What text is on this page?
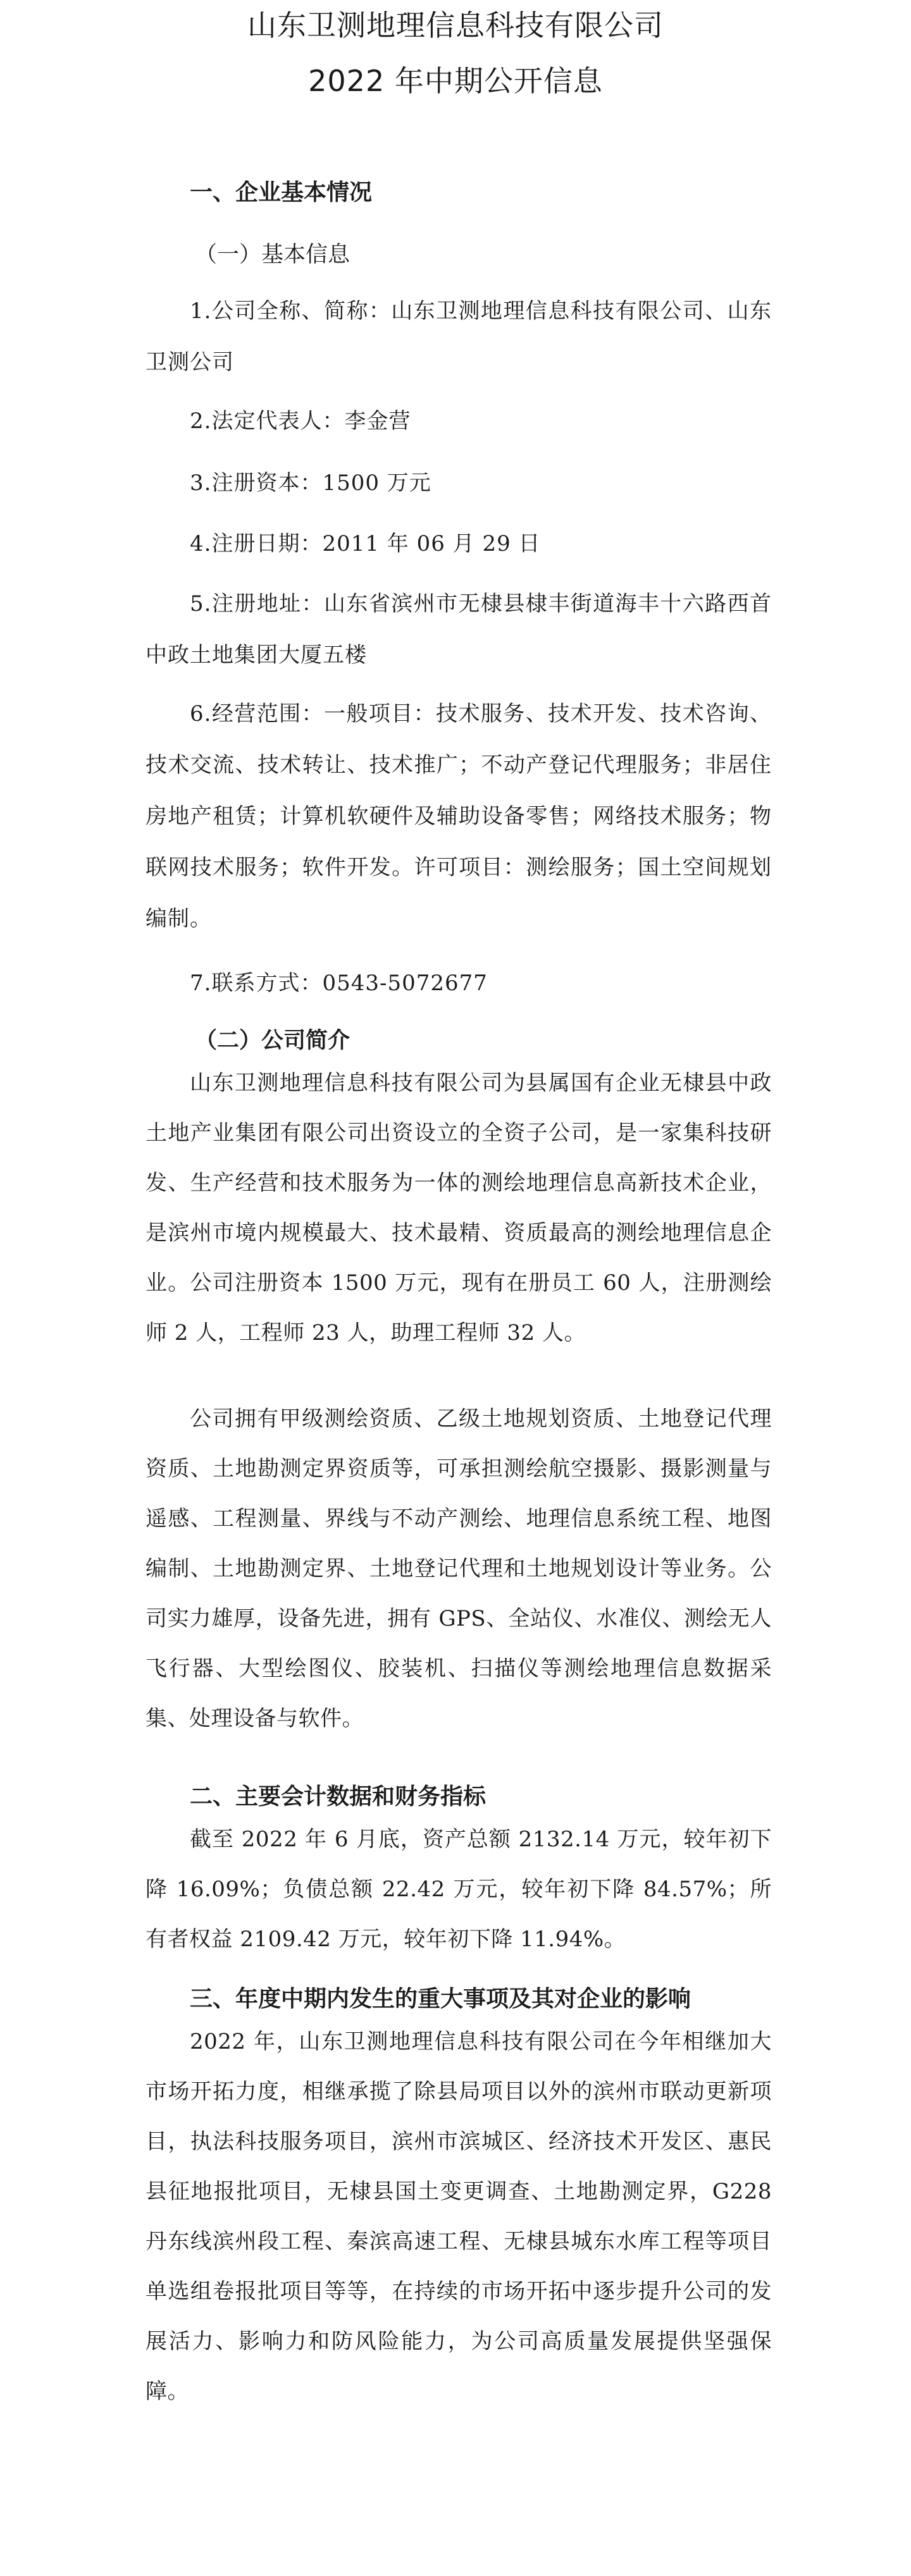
山东卫测地理信息科技有限公司
2022 年中期公开信息
一、企业基本情况
（一）基本信息
1.公司全称、简称：山东卫测地理信息科技有限公司、山东卫测公司
2.法定代表人：李金营
3.注册资本：1500 万元
4.注册日期：2011 年 06 月 29 日
5.注册地址：山东省滨州市无棣县棣丰街道海丰十六路西首中政土地集团大厦五楼
6.经营范围：一般项目：技术服务、技术开发、技术咨询、技术交流、技术转让、技术推广；不动产登记代理服务；非居住房地产租赁；计算机软硬件及辅助设备零售；网络技术服务；物联网技术服务；软件开发。许可项目：测绘服务；国土空间规划编制。
7.联系方式：0543-5072677
（二）公司简介
山东卫测地理信息科技有限公司为县属国有企业无棣县中政土地产业集团有限公司出资设立的全资子公司，是一家集科技研发、生产经营和技术服务为一体的测绘地理信息高新技术企业，是滨州市境内规模最大、技术最精、资质最高的测绘地理信息企业。公司注册资本 1500 万元，现有在册员工 60 人，注册测绘师 2 人，工程师 23 人，助理工程师 32 人。
公司拥有甲级测绘资质、乙级土地规划资质、土地登记代理资质、土地勘测定界资质等，可承担测绘航空摄影、摄影测量与遥感、工程测量、界线与不动产测绘、地理信息系统工程、地图编制、土地勘测定界、土地登记代理和土地规划设计等业务。公司实力雄厚，设备先进，拥有 GPS、全站仪、水准仪、测绘无人飞行器、大型绘图仪、胶装机、扫描仪等测绘地理信息数据采集、处理设备与软件。
二、主要会计数据和财务指标
截至 2022 年 6 月底，资产总额 2132.14 万元，较年初下降 16.09%；负债总额 22.42 万元，较年初下降 84.57%；所有者权益 2109.42 万元，较年初下降 11.94%。
三、年度中期内发生的重大事项及其对企业的影响
2022 年，山东卫测地理信息科技有限公司在今年相继加大市场开拓力度，相继承揽了除县局项目以外的滨州市联动更新项目，执法科技服务项目，滨州市滨城区、经济技术开发区、惠民县征地报批项目，无棣县国土变更调查、土地勘测定界，G228 丹东线滨州段工程、秦滨高速工程、无棣县城东水库工程等项目单选组卷报批项目等等，在持续的市场开拓中逐步提升公司的发展活力、影响力和防风险能力，为公司高质量发展提供坚强保障。
